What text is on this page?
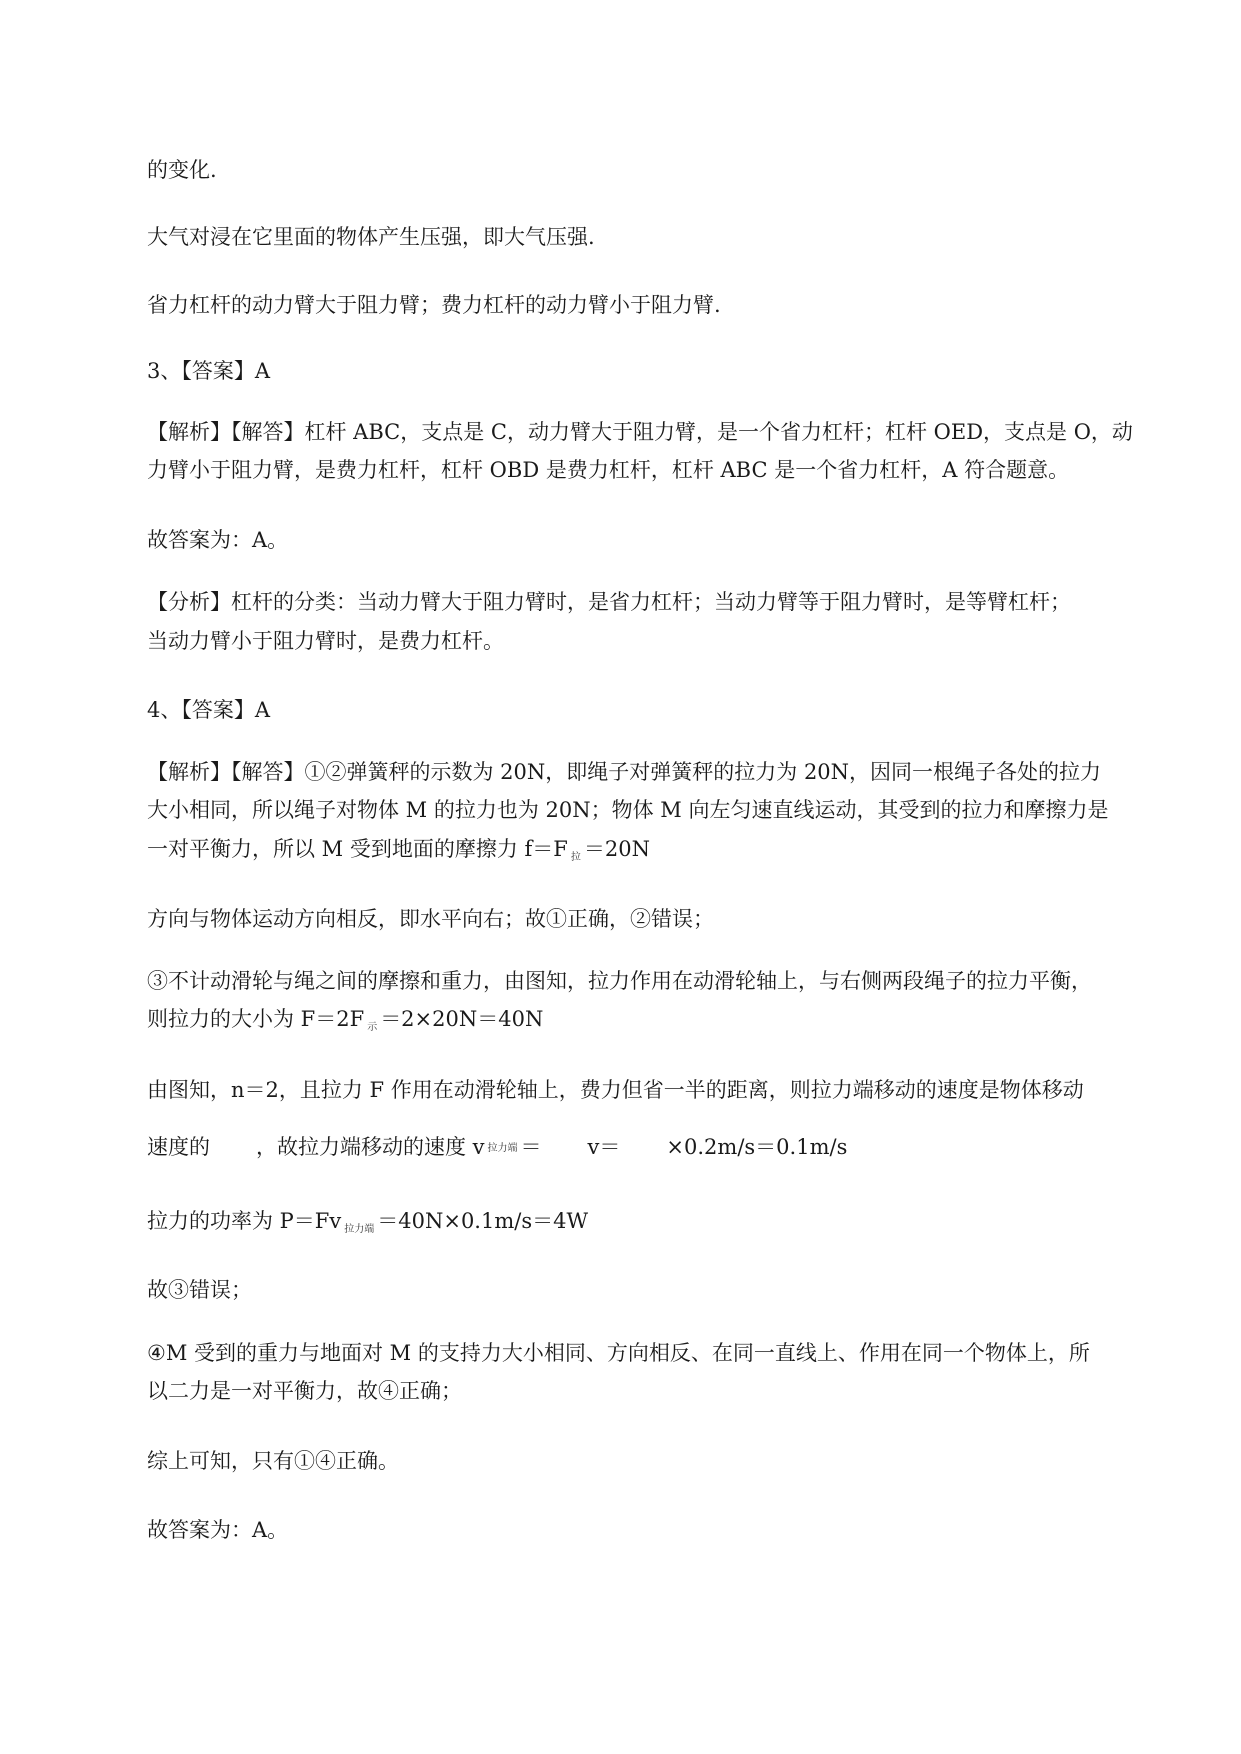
的变化.
大气对浸在它里面的物体产生压强，即大气压强.
省力杠杆的动力臂大于阻力臂；费力杠杆的动力臂小于阻力臂.
3、【答案】A
【解析】【解答】杠杆 ABC，支点是 C，动力臂大于阻力臂，是一个省力杠杆；杠杆 OED，支点是 O，动
力臂小于阻力臂，是费力杠杆，杠杆 OBD 是费力杠杆，杠杆 ABC 是一个省力杠杆，A 符合题意。
故答案为：A。
【分析】杠杆的分类：当动力臂大于阻力臂时，是省力杠杆；当动力臂等于阻力臂时，是等臂杠杆；
当动力臂小于阻力臂时，是费力杠杆。
4、【答案】A
【解析】【解答】①②弹簧秤的示数为 20N，即绳子对弹簧秤的拉力为 20N，因同一根绳子各处的拉力
大小相同，所以绳子对物体 M 的拉力也为 20N；物体 M 向左匀速直线运动，其受到的拉力和摩擦力是
一对平衡力，所以 M 受到地面的摩擦力 f＝F $_拉$ ＝20N
方向与物体运动方向相反，即水平向右；故①正确，②错误；
③不计动滑轮与绳之间的摩擦和重力，由图知，拉力作用在动滑轮轴上，与右侧两段绳子的拉力平衡，
则拉力的大小为 F＝2F $_示$ ＝2×20N＝40N
由图知，n＝2，且拉力 F 作用在动滑轮轴上，费力但省一半的距离，则拉力端移动的速度是物体移动
速度的 ，故拉力端移动的速度 v 拉力端 ＝ v＝ ×0.2m/s＝0.1m/s
拉力的功率为 P＝Fv $_{拉力端}$ ＝40N×0.1m/s＝4W
故③错误；
④M 受到的重力与地面对 M 的支持力大小相同、方向相反、在同一直线上、作用在同一个物体上，所
以二力是一对平衡力，故④正确；
综上可知，只有①④正确。
故答案为：A。
